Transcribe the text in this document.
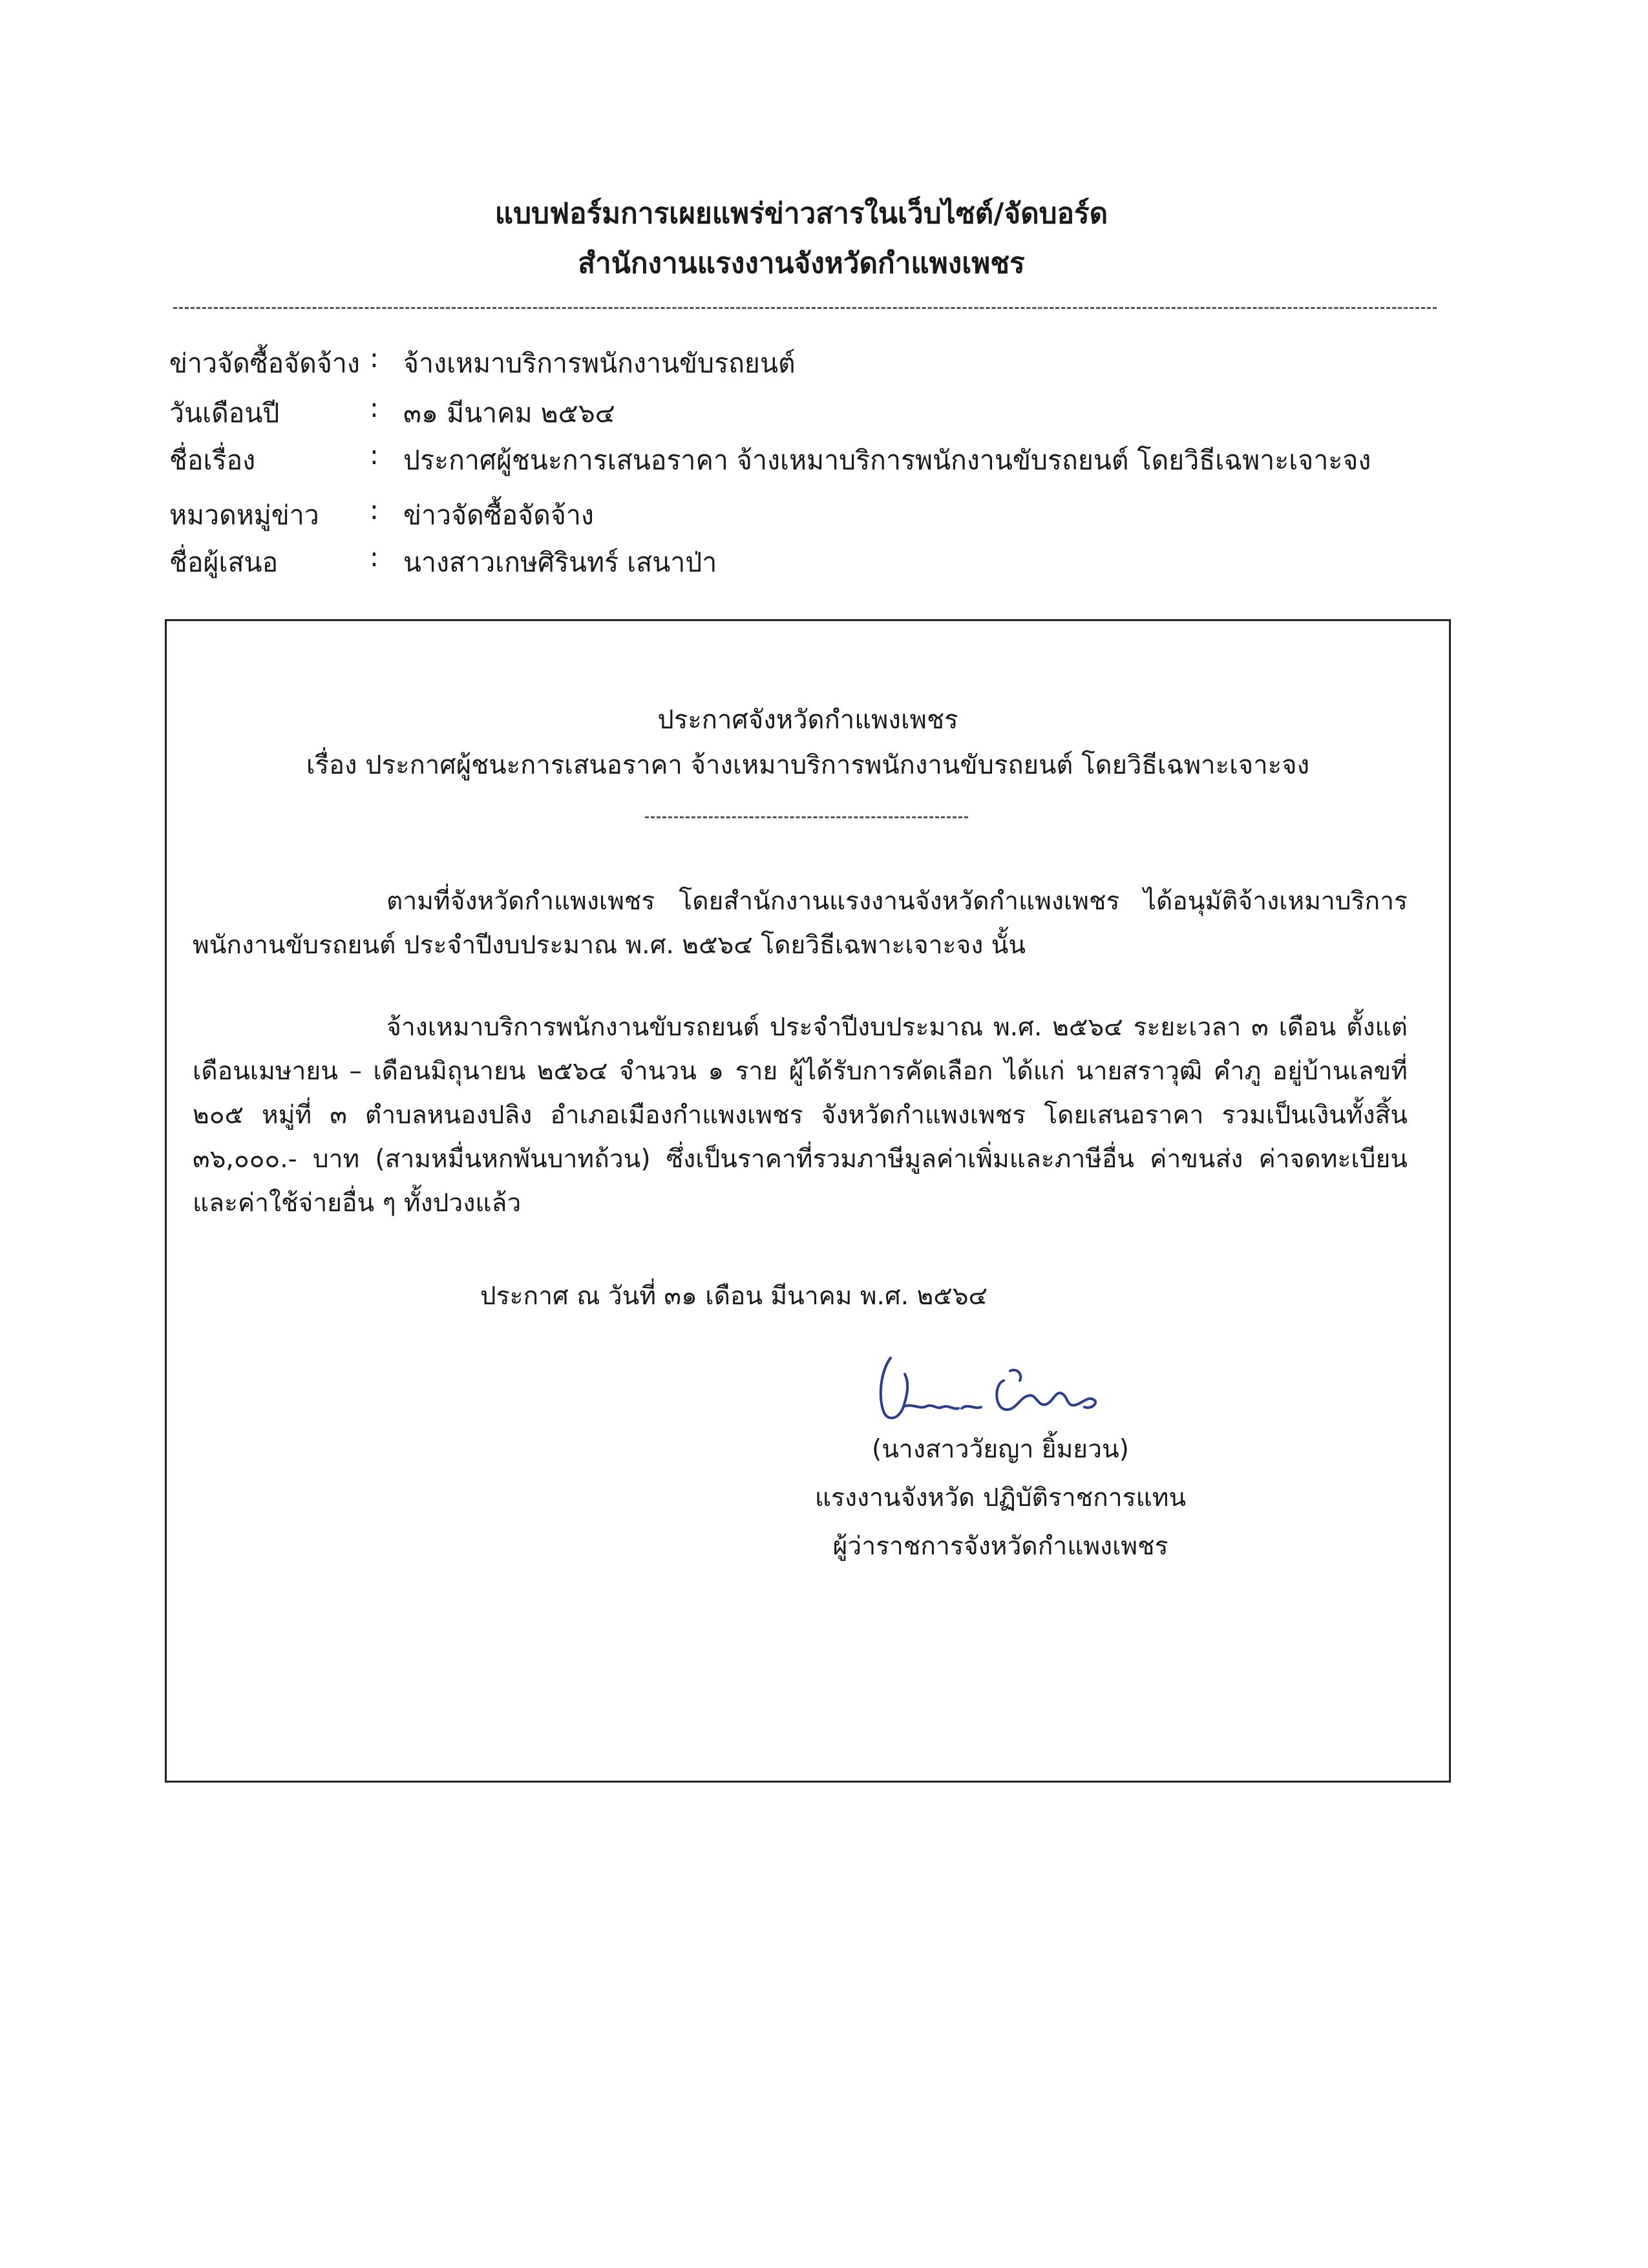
แบบฟอร์มการเผยแพร่ข่าวสารในเว็บไซต์/จัดบอร์ด
สำนักงานแรงงานจังหวัดกำแพงเพชร
ข่าวจัดซื้อจัดจ้าง : จ้างเหมาบริการพนักงานขับรถยนต์
วันเดือนปี	: ๓๑ มีนาคม ๒๕๖๔
ชื่อเรื่อง	: ประกาศผู้ชนะการเสนอราคา จ้างเหมาบริการพนักงานขับรถยนต์ โดยวิธีเฉพาะเจาะจง
หมวดหมู่ข่าว : ข่าวจัดซื้อจัดจ้าง
ชื่อผู้เสนอ	: นางสาวเกษศิรินทร์ เสนาป่า
ประกาศจังหวัดกำแพงเพชร
เรื่อง ประกาศผู้ชนะการเสนอราคา จ้างเหมาบริการพนักงานขับรถยนต์ โดยวิธีเฉพาะเจาะจง
ตามที่จังหวัดกำแพงเพชร โดยสำนักงานแรงงานจังหวัดกำแพงเพชร ได้อนุมัติจ้างเหมาบริการพนักงานขับรถยนต์ ประจำปีงบประมาณ พ.ศ. ๒๕๖๔ โดยวิธีเฉพาะเจาะจง นั้น
จ้างเหมาบริการพนักงานขับรถยนต์ ประจำปีงบประมาณ พ.ศ. ๒๕๖๔ ระยะเวลา ๓ เดือน ตั้งแต่เดือนเมษายน – เดือนมิถุนายน ๒๕๖๔ จำนวน ๑ ราย ผู้ได้รับการคัดเลือก ได้แก่ นายสราวุฒิ คำภู อยู่บ้านเลขที่ ๒๐๕ หมู่ที่ ๓ ตำบลหนองปลิง อำเภอเมืองกำแพงเพชร จังหวัดกำแพงเพชร โดยเสนอราคา รวมเป็นเงินทั้งสิ้น ๓๖,๐๐๐.- บาท (สามหมื่นหกพันบาทถ้วน) ซึ่งเป็นราคาที่รวมภาษีมูลค่าเพิ่มและภาษีอื่น ค่าขนส่ง ค่าจดทะเบียน และค่าใช้จ่ายอื่น ๆ ทั้งปวงแล้ว
ประกาศ ณ วันที่ ๓๑ เดือน มีนาคม พ.ศ. ๒๕๖๔
(นางสาววัยญา ยิ้มยวน)
แรงงานจังหวัด ปฏิบัติราชการแทน
ผู้ว่าราชการจังหวัดกำแพงเพชร
